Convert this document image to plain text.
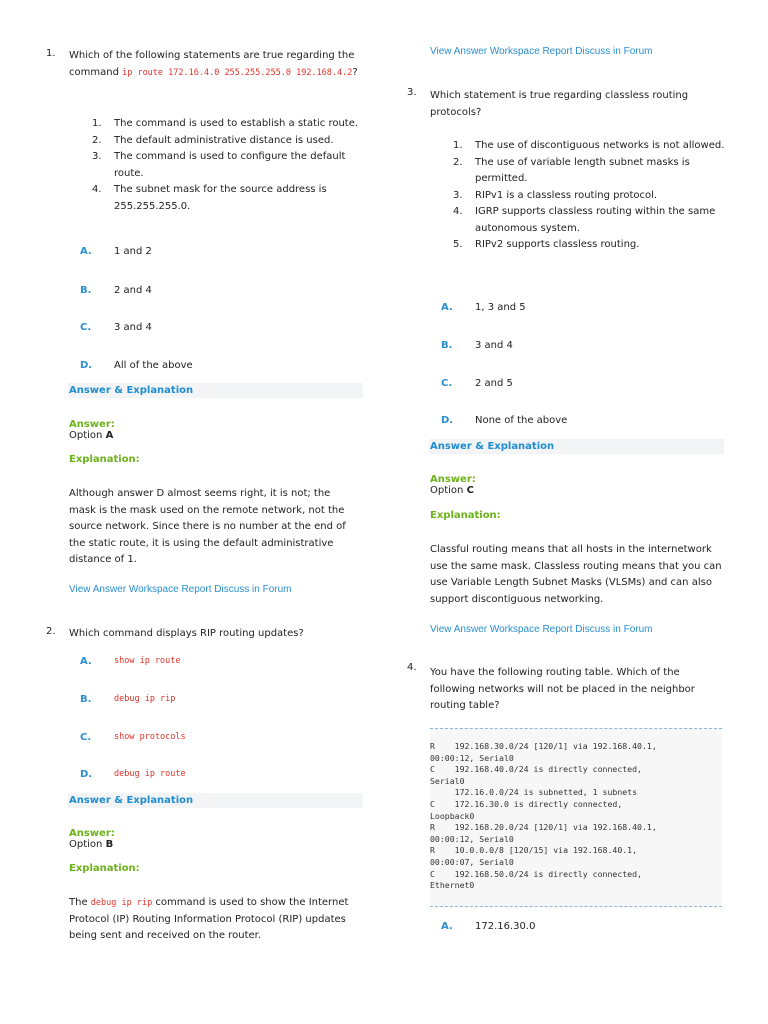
1. Which of the following statements are true regarding the command ip route 172.16.4.0 255.255.255.0 192.168.4.2?
1. The command is used to establish a static route.
2. The default administrative distance is used.
3. The command is used to configure the default route.
4. The subnet mask for the source address is 255.255.255.0.
A. 1 and 2
B. 2 and 4
C. 3 and 4
D. All of the above
Answer & Explanation
Answer: Option A
Explanation:
Although answer D almost seems right, it is not; the mask is the mask used on the remote network, not the source network. Since there is no number at the end of the static route, it is using the default administrative distance of 1.
View Answer Workspace Report Discuss in Forum
2. Which command displays RIP routing updates?
A.	show ip route
B.	debug ip rip
C.	show protocols
D.	debug ip route
Answer & Explanation
Answer: Option B
Explanation:
The debug ip rip command is used to show the Internet Protocol (IP) Routing Information Protocol (RIP) updates being sent and received on the router.
View Answer Workspace Report Discuss in Forum
3. Which statement is true regarding classless routing protocols?
1. The use of discontiguous networks is not allowed.
2. The use of variable length subnet masks is permitted.
3. RIPv1 is a classless routing protocol.
4. IGRP supports classless routing within the same autonomous system.
5. RIPv2 supports classless routing.
A. 1, 3 and 5
B. 3 and 4
C. 2 and 5
D. None of the above
Answer & Explanation
Answer: Option C
Explanation:
Classful routing means that all hosts in the internetwork use the same mask. Classless routing means that you can use Variable Length Subnet Masks (VLSMs) and can also support discontiguous networking.
View Answer Workspace Report Discuss in Forum
4. You have the following routing table. Which of the following networks will not be placed in the neighbor routing table?
R    192.168.30.0/24 [120/1] via 192.168.40.1,
00:00:12, Serial0
C    192.168.40.0/24 is directly connected,
Serial0
172.16.0.0/24 is subnetted, 1 subnets
C    172.16.30.0 is directly connected,
Loopback0
R    192.168.20.0/24 [120/1] via 192.168.40.1,
00:00:12, Serial0
R    10.0.0.0/8 [120/15] via 192.168.40.1,
00:00:07, Serial0
C    192.168.50.0/24 is directly connected,
Ethernet0
A. 172.16.30.0
